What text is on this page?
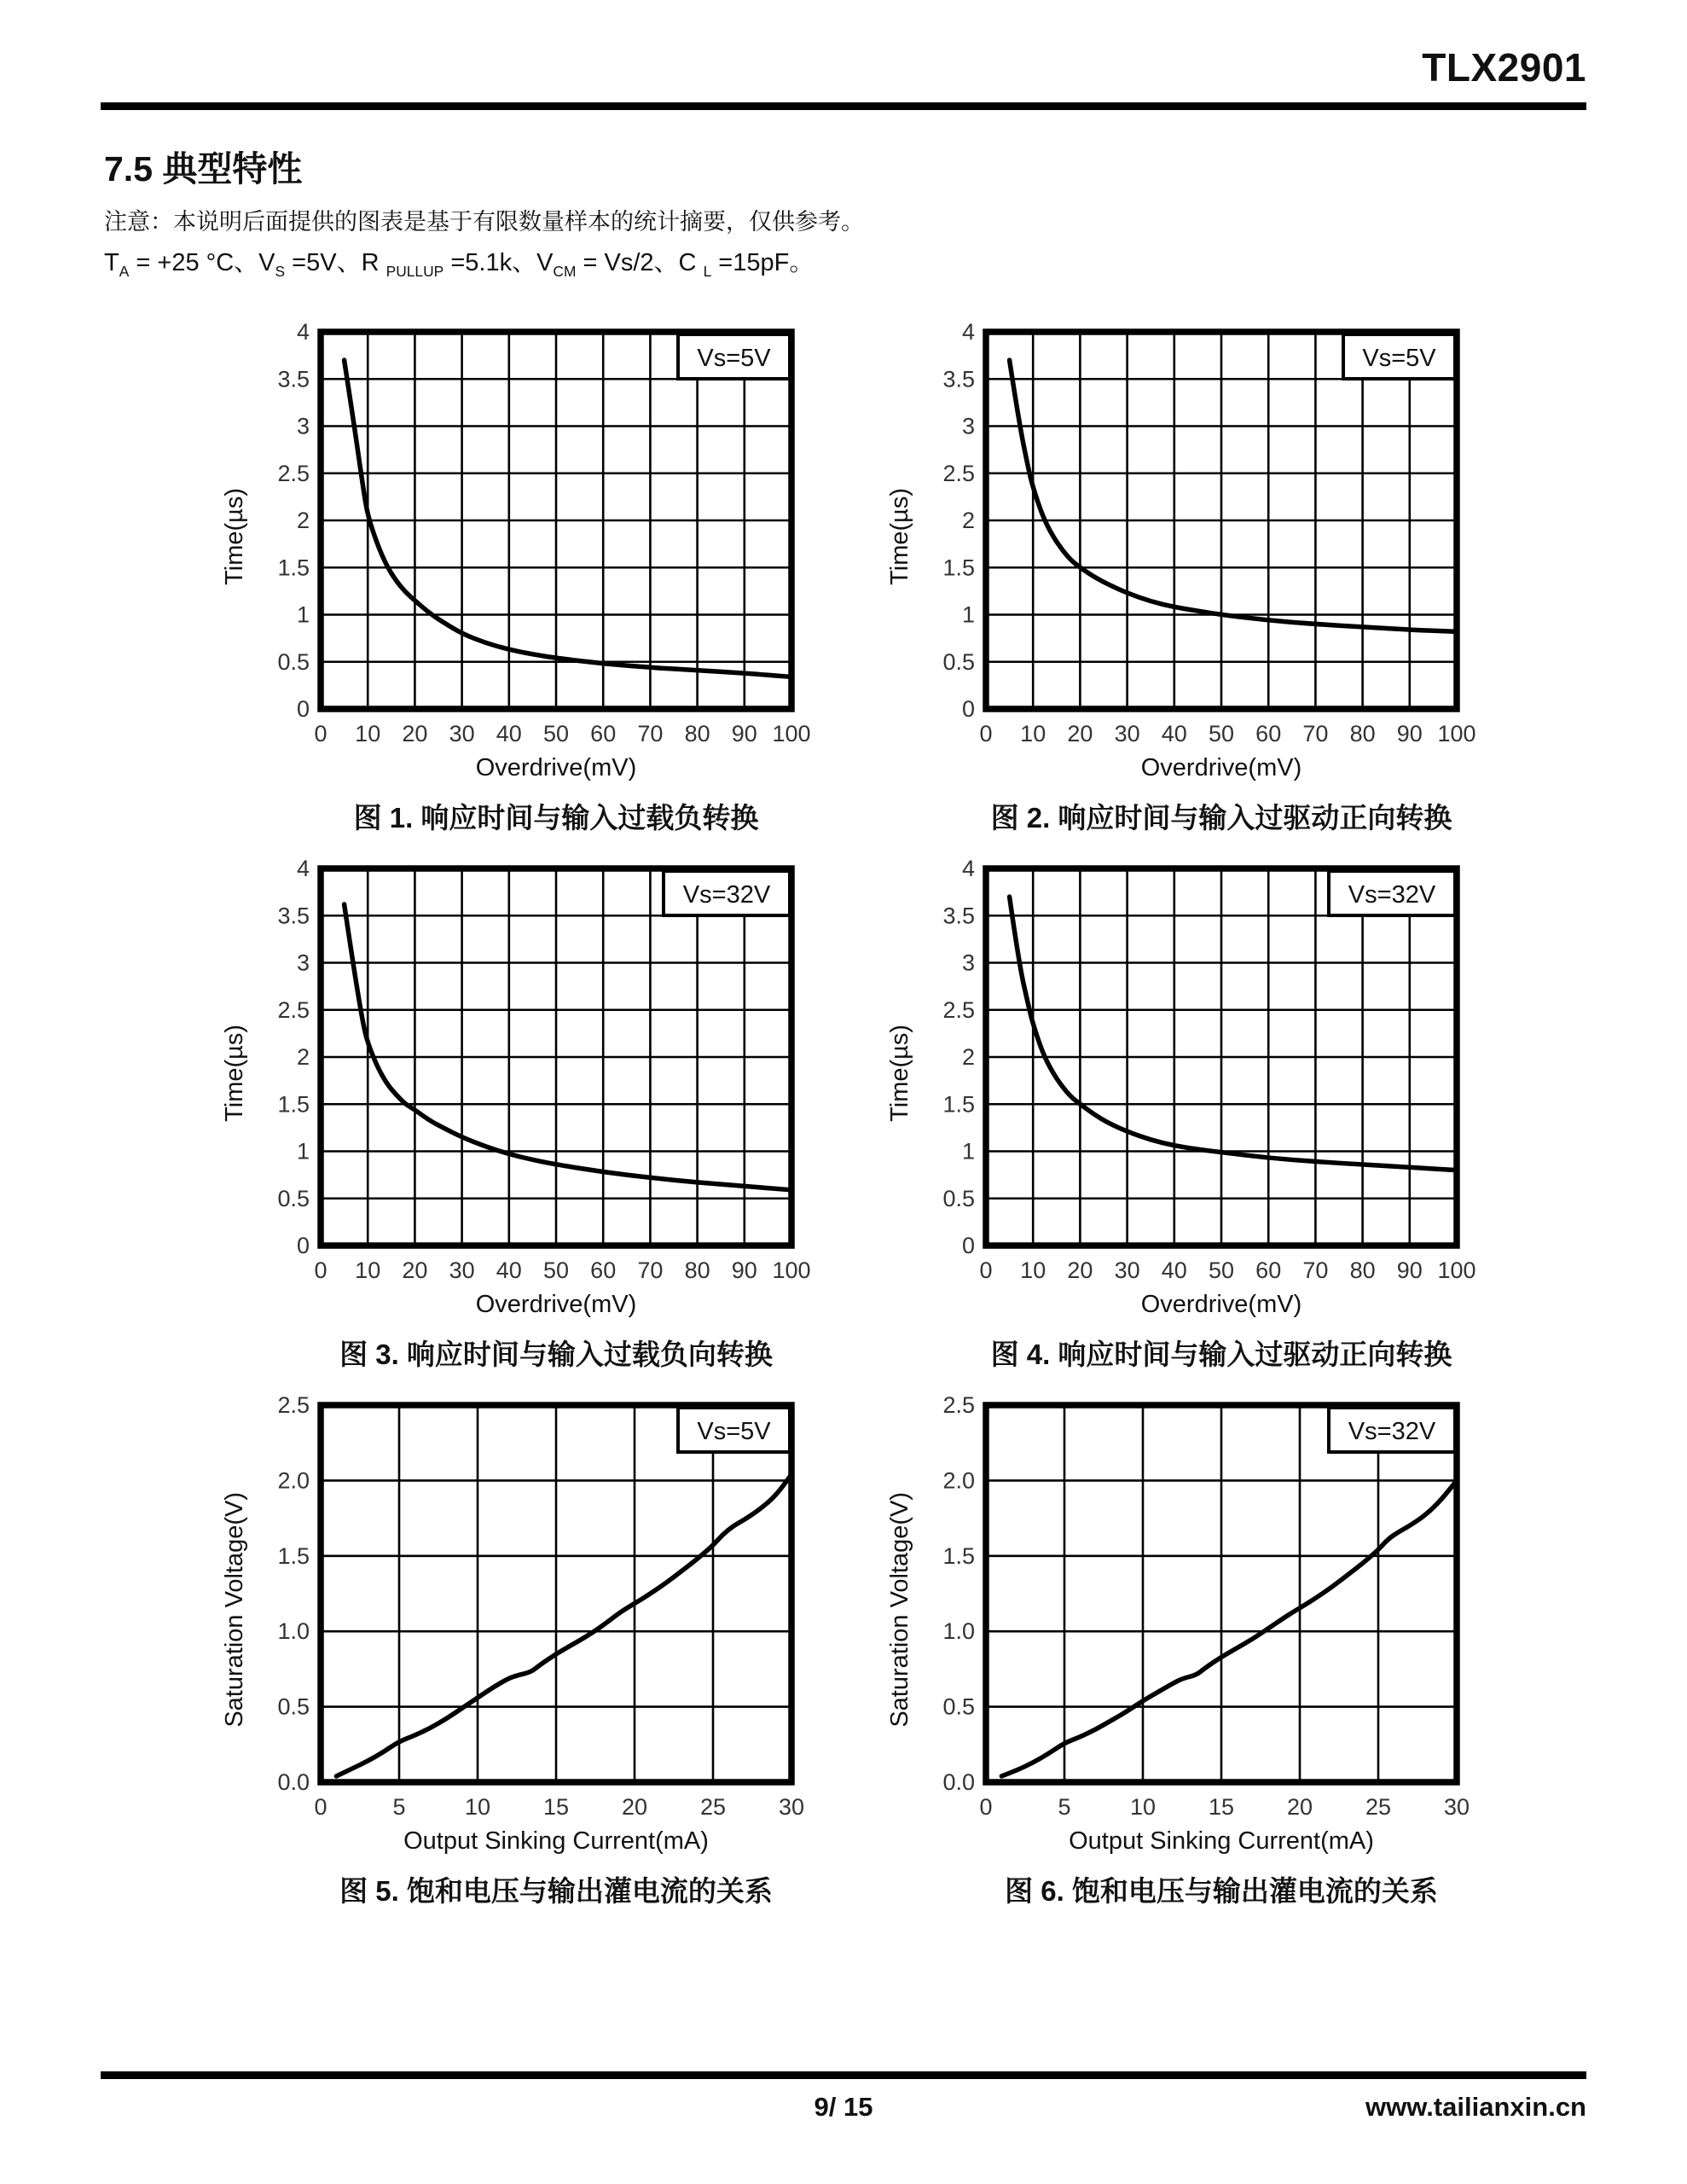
TLX2901
7.5 典型特性

注意：本说明后面提供的图表是基于有限数量样本的统计摘要，仅供参考。

$T_A = +25$ °C、$V_S =5V$、R $_{PULLUP}$ =5.1k、$V_{CM} = Vs/2$、C $_L$ =15pF。

Time(µs)
Vs=5V
0 10 20 30 40 50 60 70 80 90 100
0
0.5
1
1.5
2
2.5
3
3.5
4
Overdrive(mV)
图 1. 响应时间与输入过载负转换
Time(µs)
Vs=5V
0 10 20 30 40 50 60 70 80 90 100
0
0.5
1
1.5
2
2.5
3
3.5
4
Overdrive(mV)
图 2. 响应时间与输入过驱动正向转换
Time(µs)
Vs=32V
0 10 20 30 40 50 60 70 80 90 100
0
0.5
1
1.5
2
2.5
3
3.5
4
Overdrive(mV)
图 3. 响应时间与输入过载负向转换
Time(µs)
Vs=32V
0 10 20 30 40 50 60 70 80 90 100
0
0.5
1
1.5
2
2.5
3
3.5
4
Overdrive(mV)
图 4. 响应时间与输入过驱动正向转换
Saturation Voltage(V)
Vs=5V
0	5	10 15 20 25 30
0.0
0.5
1.0
1.5
2.0
2.5
Output Sinking Current(mA)
图 5. 饱和电压与输出灌电流的关系
Saturation Voltage(V)
Vs=32V
0	5	10 15 20 25 30
0.0
0.5
1.0
1.5
2.0
2.5
Output Sinking Current(mA)
图 6. 饱和电压与输出灌电流的关系
9/ 15	www.tailianxin.cn
